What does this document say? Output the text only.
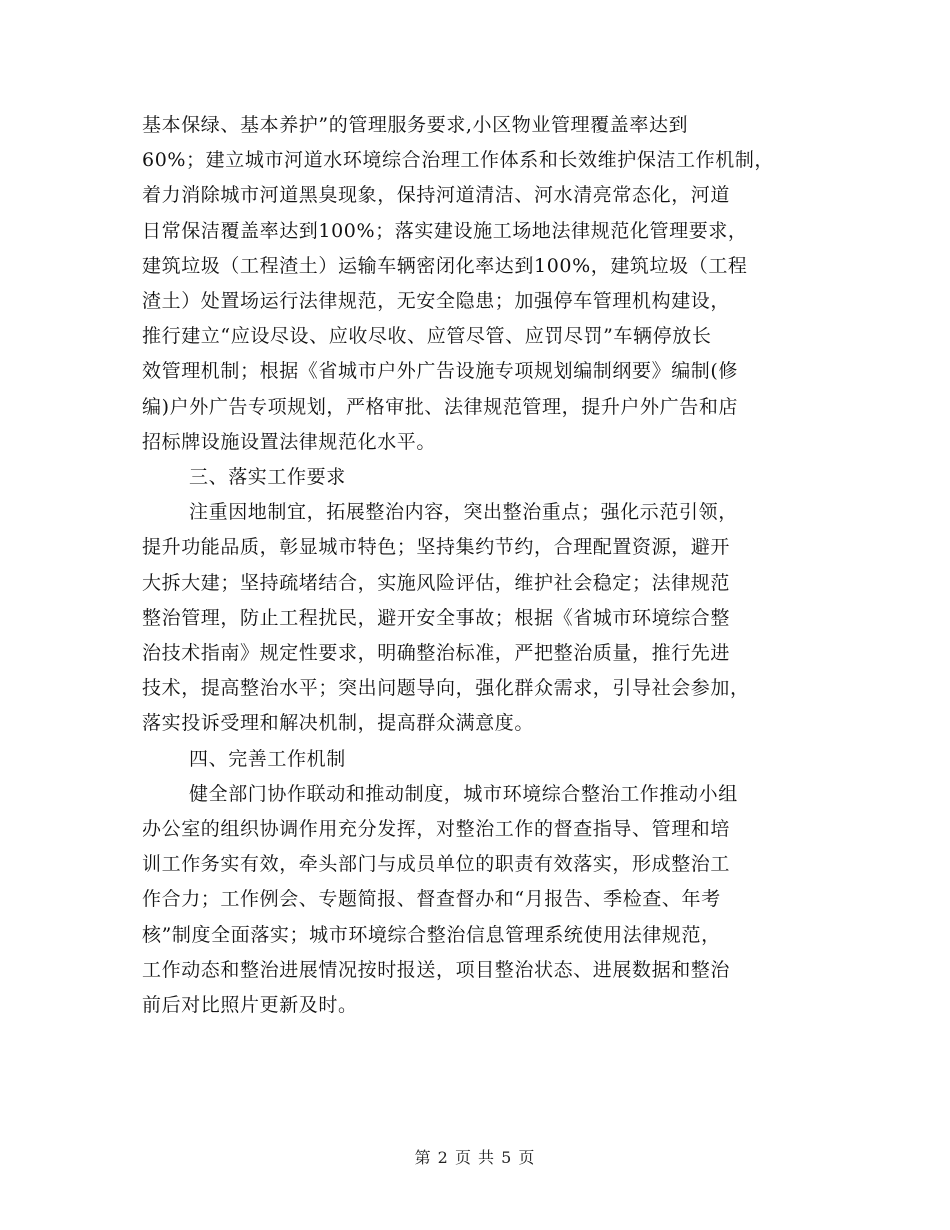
基本保绿、基本养护”的管理服务要求,小区物业管理覆盖率达到
60%；建立城市河道水环境综合治理工作体系和长效维护保洁工作机制，
着力消除城市河道黑臭现象，保持河道清洁、河水清亮常态化，河道
日常保洁覆盖率达到100%；落实建设施工场地法律规范化管理要求，
建筑垃圾（工程渣土）运输车辆密闭化率达到100%，建筑垃圾（工程
渣土）处置场运行法律规范，无安全隐患；加强停车管理机构建设，
推行建立“应设尽设、应收尽收、应管尽管、应罚尽罚”车辆停放长
效管理机制；根据《省城市户外广告设施专项规划编制纲要》编制(修
编)户外广告专项规划，严格审批、法律规范管理，提升户外广告和店
招标牌设施设置法律规范化水平。
三、落实工作要求
注重因地制宜，拓展整治内容，突出整治重点；强化示范引领，
提升功能品质，彰显城市特色；坚持集约节约，合理配置资源，避开
大拆大建；坚持疏堵结合，实施风险评估，维护社会稳定；法律规范
整治管理，防止工程扰民，避开安全事故；根据《省城市环境综合整
治技术指南》规定性要求，明确整治标准，严把整治质量，推行先进
技术，提高整治水平；突出问题导向，强化群众需求，引导社会参加，
落实投诉受理和解决机制，提高群众满意度。
四、完善工作机制
健全部门协作联动和推动制度，城市环境综合整治工作推动小组
办公室的组织协调作用充分发挥，对整治工作的督查指导、管理和培
训工作务实有效，牵头部门与成员单位的职责有效落实，形成整治工
作合力；工作例会、专题简报、督查督办和“月报告、季检查、年考
核”制度全面落实；城市环境综合整治信息管理系统使用法律规范，
工作动态和整治进展情况按时报送，项目整治状态、进展数据和整治
前后对比照片更新及时。
第 2 页 共 5 页
